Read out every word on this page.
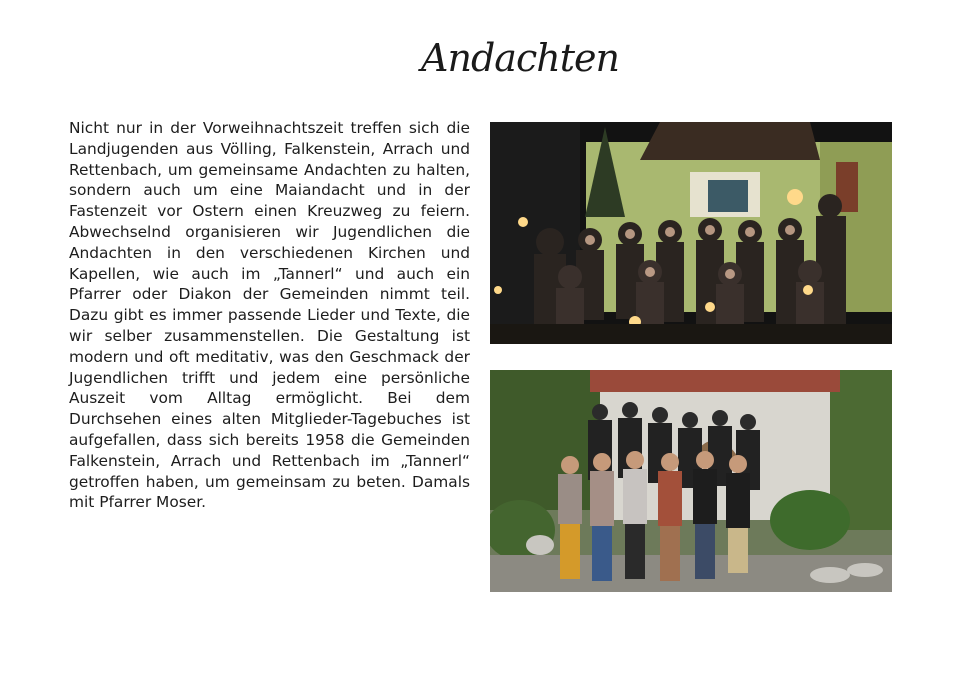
Andachten

Nicht nur in der Vorweihnachtszeit treffen sich die Landjugenden aus Völling, Falkenstein, Arrach und Rettenbach, um gemeinsame Andachten zu halten, sondern auch um eine Maiandacht und in der Fastenzeit vor Ostern einen Kreuzweg zu feiern. Abwechselnd organisieren wir Jugendlichen die Andachten in den verschiedenen Kirchen und Kapellen, wie auch im „Tannerl“ und auch ein Pfarrer oder Diakon der Gemeinden nimmt teil. Dazu gibt es immer passende Lieder und Texte, die wir selber zusammenstellen. Die Gestaltung ist modern und oft meditativ, was den Geschmack der Jugendlichen trifft und jedem eine persönliche Auszeit vom Alltag ermöglicht. Bei dem Durchsehen eines alten Mitglieder-Tagebuches ist aufgefallen, dass sich bereits 1958 die Gemeinden Falkenstein, Arrach und Rettenbach im „Tannerl“ getroffen haben, um gemeinsam zu beten. Damals mit Pfarrer Moser.
